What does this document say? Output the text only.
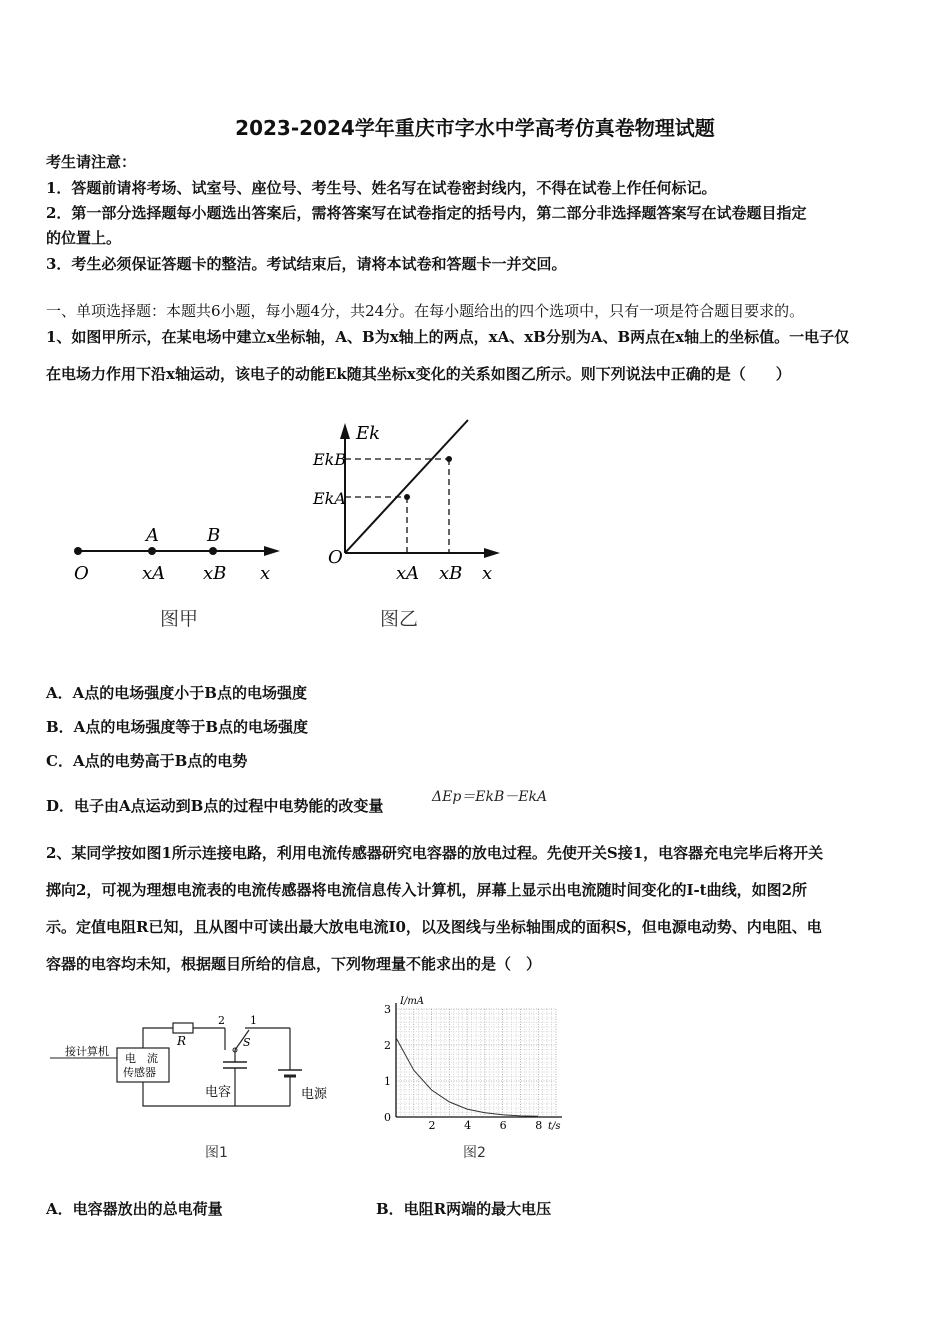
2023-2024学年重庆市字水中学高考仿真卷物理试题
考生请注意：
1．答题前请将考场、试室号、座位号、考生号、姓名写在试卷密封线内，不得在试卷上作任何标记。
2．第一部分选择题每小题选出答案后，需将答案写在试卷指定的括号内，第二部分非选择题答案写在试卷题目指定
的位置上。
3．考生必须保证答题卡的整洁。考试结束后，请将本试卷和答题卡一并交回。
一、单项选择题：本题共6小题，每小题4分，共24分。在每小题给出的四个选项中，只有一项是符合题目要求的。
1、如图甲所示，在某电场中建立x坐标轴，A、B为x轴上的两点，xA、xB分别为A、B两点在x轴上的坐标值。一电子仅
在电场力作用下沿x轴运动，该电子的动能Ek随其坐标x变化的关系如图乙所示。则下列说法中正确的是（　　）
A	B
O	xA xB x
图甲
Ek
EkB
EkA
O
xA xB x
图乙
A．A点的电场强度小于B点的电场强度
B．A点的电场强度等于B点的电场强度
C．A点的电势高于B点的电势
D．电子由A点运动到B点的过程中电势能的改变量	ΔEp＝EkB－EkA
2、某同学按如图1所示连接电路，利用电流传感器研究电容器的放电过程。先使开关S接1，电容器充电完毕后将开关
掷向2，可视为理想电流表的电流传感器将电流信息传入计算机，屏幕上显示出电流随时间变化的I-t曲线，如图2所
示。定值电阻R已知，且从图中可读出最大放电电流I0，以及图线与坐标轴围成的面积S，但电源电动势、内电阻、电
容器的电容均未知，根据题目所给的信息，下列物理量不能求出的是（　）
接计算机
电　流
传感器
R
2 1
S
电容	电源
图1
I/mA
t/s
3
2
1
0
2	4	6	8
图2
A．电容器放出的总电荷量	B．电阻R两端的最大电压
